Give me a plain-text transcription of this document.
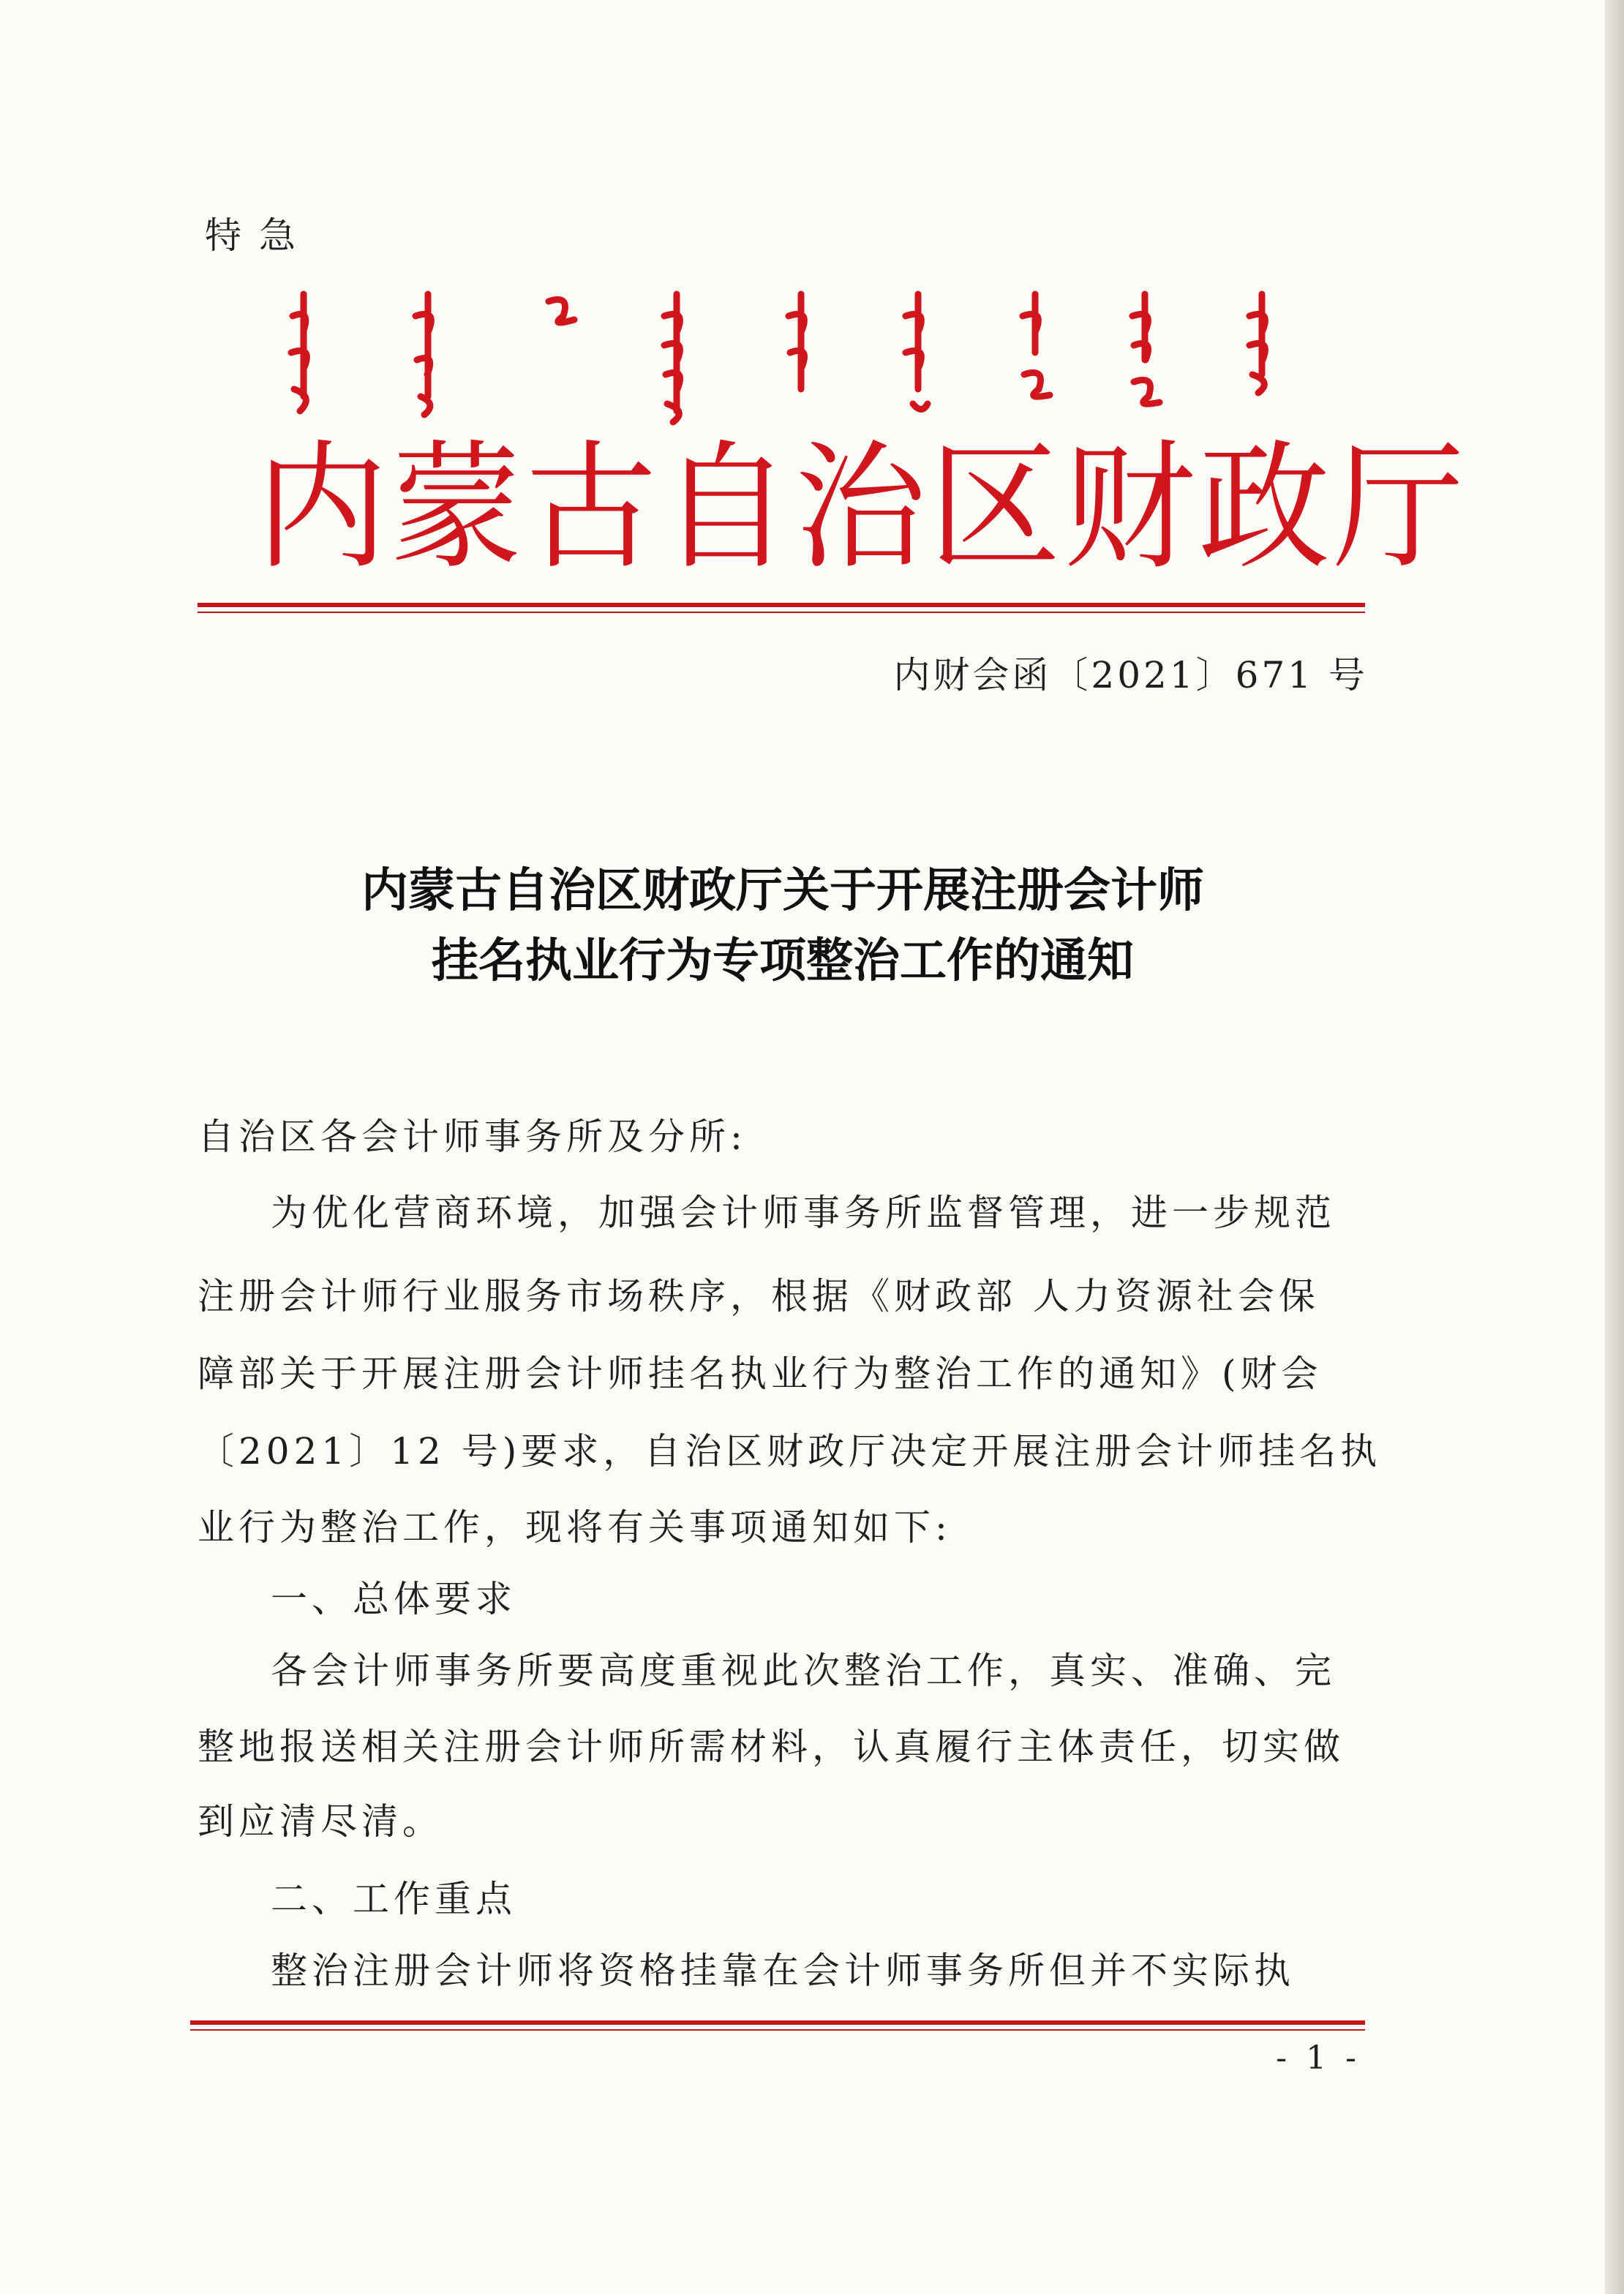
特急
内蒙古自治区财政厅
内财会函〔2021〕671 号
内蒙古自治区财政厅关于开展注册会计师
挂名执业行为专项整治工作的通知
自治区各会计师事务所及分所:
为优化营商环境，加强会计师事务所监督管理，进一步规范
注册会计师行业服务市场秩序，根据《财政部 人力资源社会保
障部关于开展注册会计师挂名执业行为整治工作的通知》(财会
〔2021〕12 号)要求，自治区财政厅决定开展注册会计师挂名执
业行为整治工作，现将有关事项通知如下:
一、总体要求
各会计师事务所要高度重视此次整治工作，真实、准确、完
整地报送相关注册会计师所需材料，认真履行主体责任，切实做
到应清尽清。
二、工作重点
整治注册会计师将资格挂靠在会计师事务所但并不实际执
- 1 -
